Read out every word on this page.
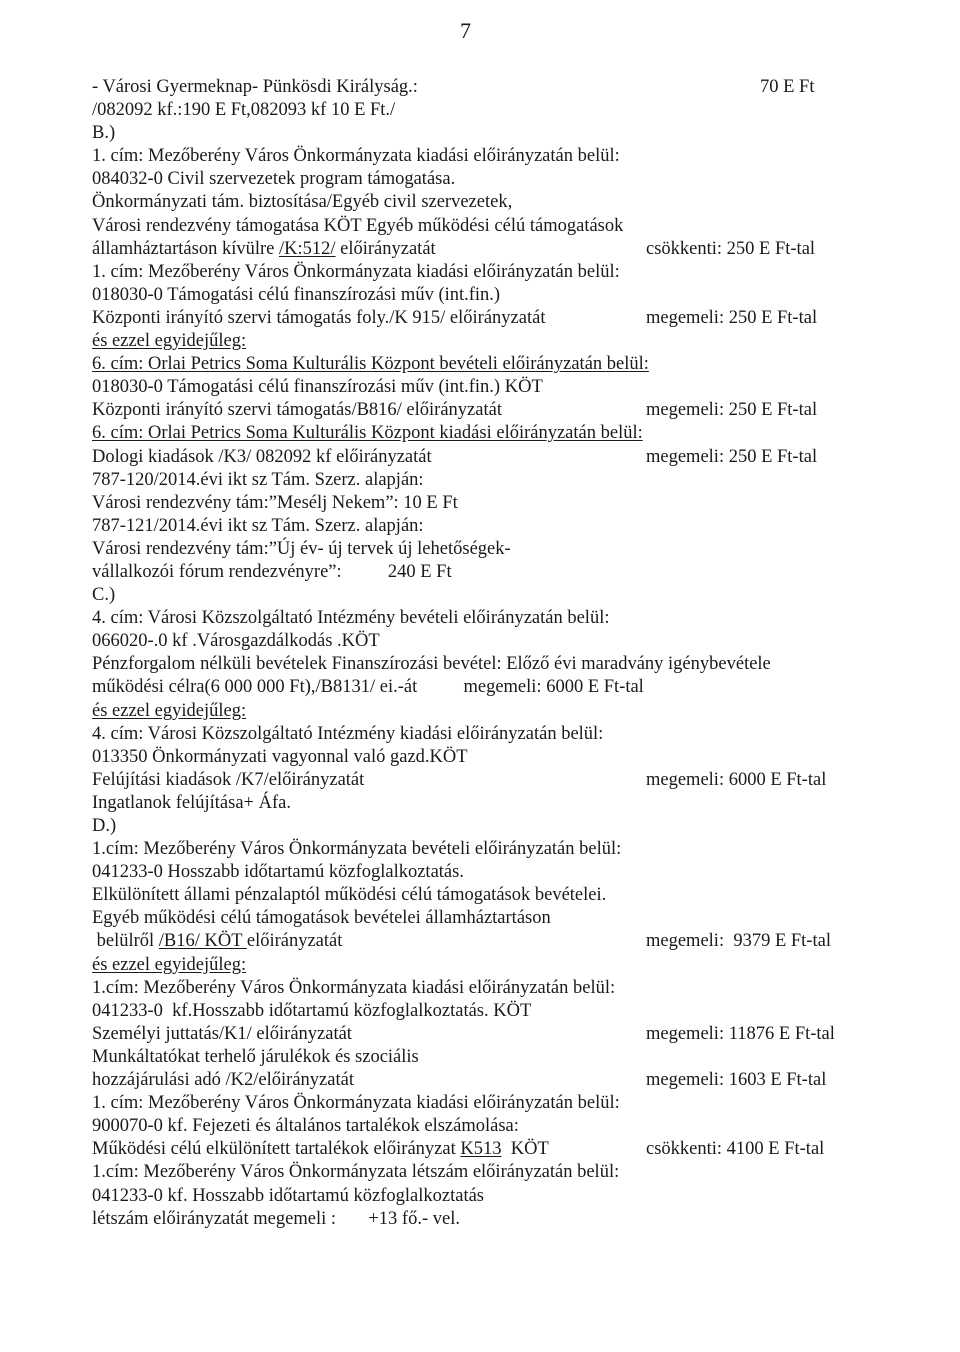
7
- Városi Gyermeknap- Pünkösdi Királyság.:	70 E Ft
/082092 kf.:190 E Ft,082093 kf 10 E Ft./
B.)
1. cím: Mezőberény Város Önkormányzata kiadási előirányzatán belül:
084032-0 Civil szervezetek program támogatása.
Önkormányzati tám. biztosítása/Egyéb civil szervezetek,
Városi rendezvény támogatása KÖT Egyéb működési célú támogatások
államháztartáson kívülre /K:512/ előirányzatát	csökkenti: 250 E Ft-tal
1. cím: Mezőberény Város Önkormányzata kiadási előirányzatán belül:
018030-0 Támogatási célú finanszírozási műv (int.fin.)
Központi irányító szervi támogatás foly./K 915/ előirányzatát	megemeli: 250 E Ft-tal
és ezzel egyidejűleg:
6. cím: Orlai Petrics Soma Kulturális Központ bevételi előirányzatán belül:
018030-0 Támogatási célú finanszírozási műv (int.fin.) KÖT
Központi irányító szervi támogatás/B816/ előirányzatát	megemeli: 250 E Ft-tal
6. cím: Orlai Petrics Soma Kulturális Központ kiadási előirányzatán belül:
Dologi kiadások /K3/ 082092 kf előirányzatát	megemeli: 250 E Ft-tal
787-120/2014.évi ikt sz Tám. Szerz. alapján:
Városi rendezvény tám:”Mesélj Nekem”: 10 E Ft
787-121/2014.évi ikt sz Tám. Szerz. alapján:
Városi rendezvény tám:”Új év- új tervek új lehetőségek-
vállalkozói fórum rendezvényre”:          240 E Ft
C.)
4. cím: Városi Közszolgáltató Intézmény bevételi előirányzatán belül:
066020-.0 kf .Városgazdálkodás .KÖT
Pénzforgalom nélküli bevételek Finanszírozási bevétel: Előző évi maradvány igénybevétele
működési célra(6 000 000 Ft),/B8131/ ei.-át          megemeli: 6000 E Ft-tal
és ezzel egyidejűleg:
4. cím: Városi Közszolgáltató Intézmény kiadási előirányzatán belül:
013350 Önkormányzati vagyonnal való gazd.KÖT
Felújítási kiadások /K7/előirányzatát	megemeli: 6000 E Ft-tal
Ingatlanok felújítása+ Áfa.
D.)
1.cím: Mezőberény Város Önkormányzata bevételi előirányzatán belül:
041233-0 Hosszabb időtartamú közfoglalkoztatás.
Elkülönített állami pénzalaptól működési célú támogatások bevételei.
Egyéb működési célú támogatások bevételei államháztartáson
belülről /B16/ KÖT előirányzatát	megemeli:  9379 E Ft-tal
és ezzel egyidejűleg:
1.cím: Mezőberény Város Önkormányzata kiadási előirányzatán belül:
041233-0  kf.Hosszabb időtartamú közfoglalkoztatás. KÖT
Személyi juttatás/K1/ előirányzatát	megemeli: 11876 E Ft-tal
Munkáltatókat terhelő járulékok és szociális
hozzájárulási adó /K2/előirányzatát	megemeli: 1603 E Ft-tal
1. cím: Mezőberény Város Önkormányzata kiadási előirányzatán belül:
900070-0 kf. Fejezeti és általános tartalékok elszámolása:
Működési célú elkülönített tartalékok előirányzat K513  KÖT	csökkenti: 4100 E Ft-tal
1.cím: Mezőberény Város Önkormányzata létszám előirányzatán belül:
041233-0 kf. Hosszabb időtartamú közfoglalkoztatás
létszám előirányzatát megemeli :       +13 fő.- vel.
